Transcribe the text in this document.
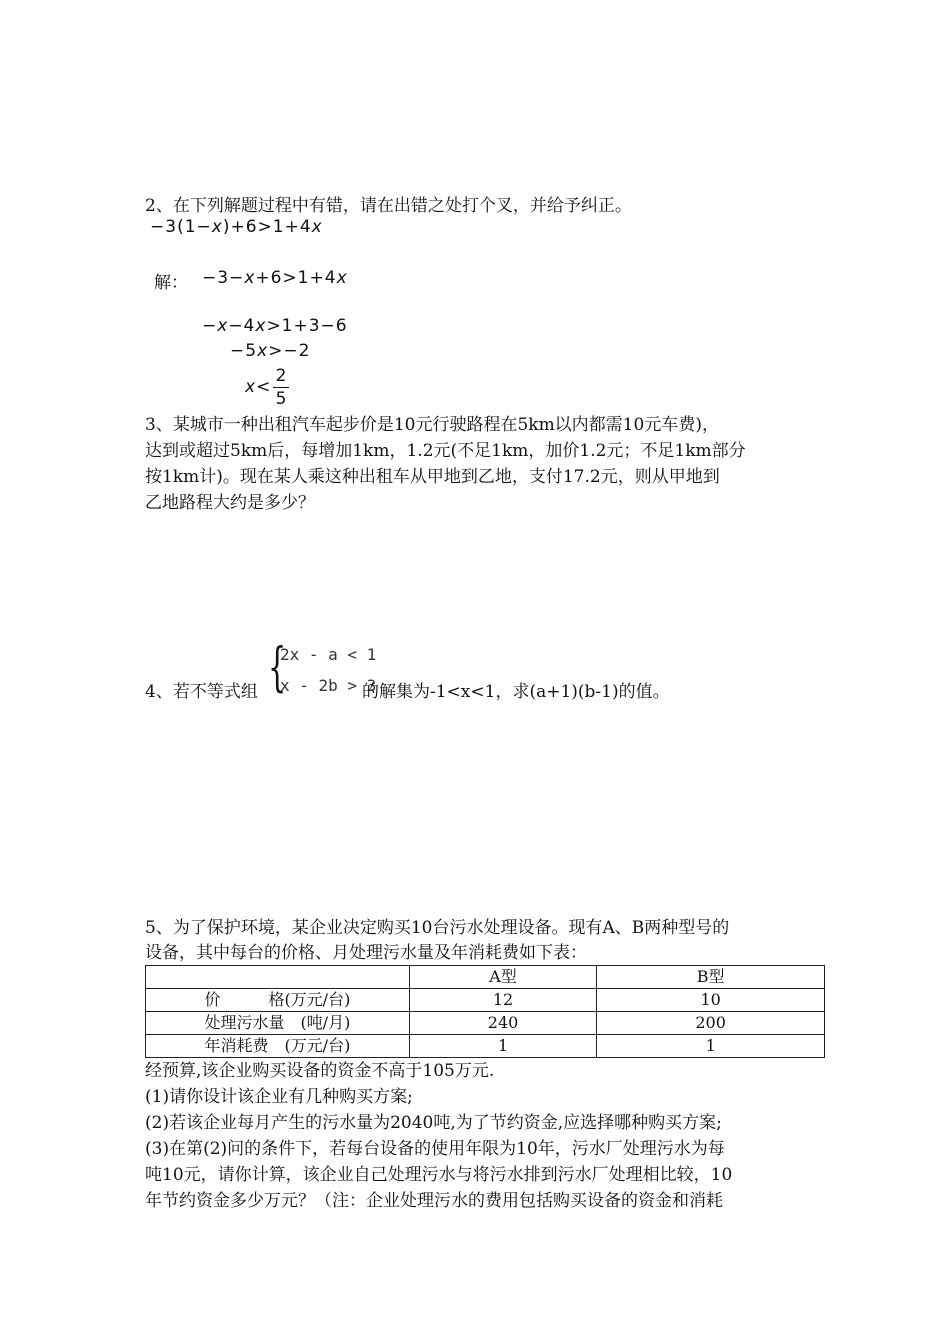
2、在下列解题过程中有错，请在出错之处打个叉，并给予纠正。
−3(1−x)+6>1+4x
解： −3−x+6>1+4x
−x−4x>1+3−6
−5x>−2
x<
2
5
3、某城市一种出租汽车起步价是10元行驶路程在5km以内都需10元车费)，
达到或超过5km后，每增加1km，1.2元(不足1km，加价1.2元；不足1km部分
按1km计)。现在某人乘这种出租车从甲地到乙地，支付17.2元，则从甲地到
乙地路程大约是多少？
4、若不等式组 {
2x - a < 1
x - 2b > 3
的解集为-1<x<1，求(a+1)(b-1)的值。
5、为了保护环境，某企业决定购买10台污水处理设备。现有A、B两种型号的
设备，其中每台的价格、月处理污水量及年消耗费如下表：
	A型	B型
价　　　格(万元/台)	12	10
处理污水量　(吨/月)	240	200
年消耗费　(万元/台)	1	1
经预算,该企业购买设备的资金不高于105万元.
(1)请你设计该企业有几种购买方案;
(2)若该企业每月产生的污水量为2040吨,为了节约资金,应选择哪种购买方案;
(3)在第(2)问的条件下，若每台设备的使用年限为10年，污水厂处理污水为每
吨10元，请你计算，该企业自己处理污水与将污水排到污水厂处理相比较，10
年节约资金多少万元？（注：企业处理污水的费用包括购买设备的资金和消耗
